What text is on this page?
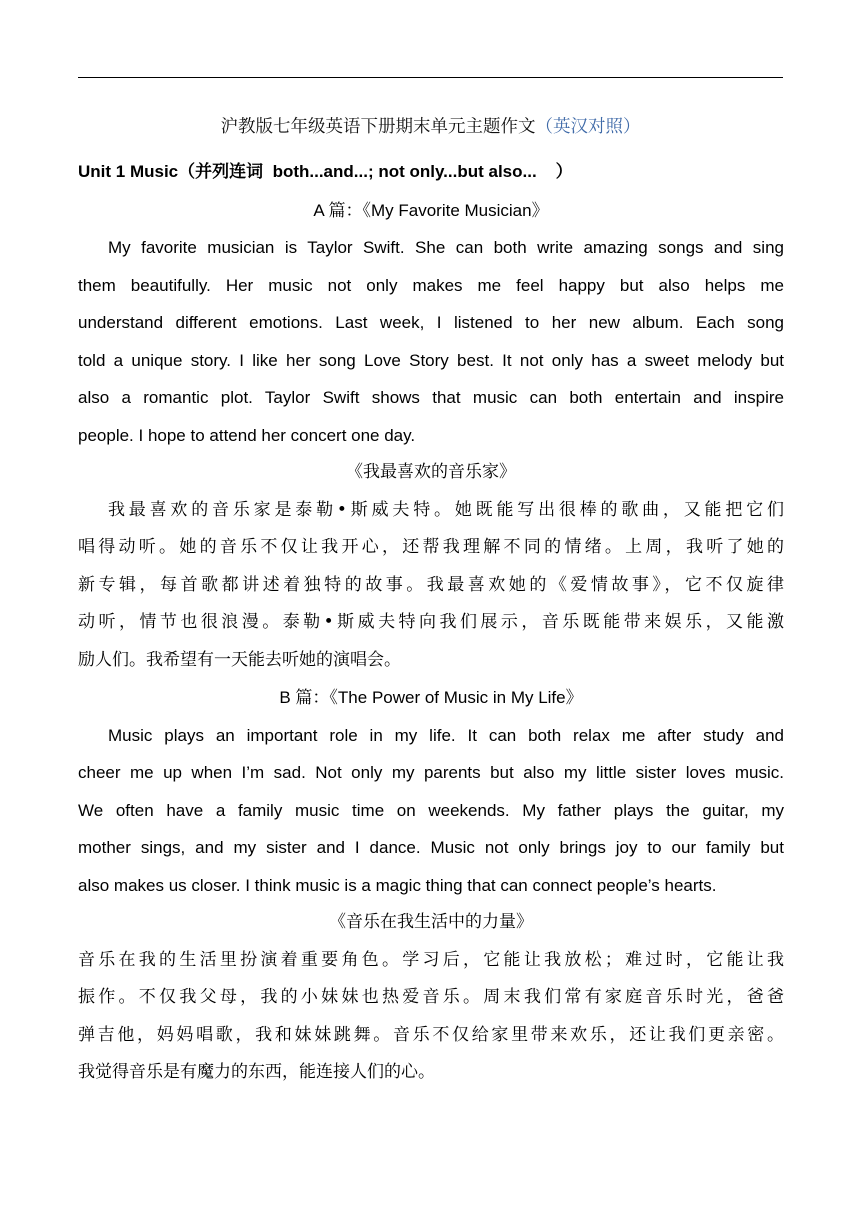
沪教版七年级英语下册期末单元主题作文（英汉对照）
Unit 1 Music（并列连词  both...and...; not only...but also...    ）
A 篇：《My Favorite Musician》
My favorite musician is Taylor Swift. She can both write amazing songs and sing
them beautifully. Her music not only makes me feel happy but also helps me
understand different emotions. Last week, I listened to her new album. Each song
told a unique story. I like her song Love Story best. It not only has a sweet melody but
also a romantic plot. Taylor Swift shows that music can both entertain and inspire
people. I hope to attend her concert one day.
《我最喜欢的音乐家》
我最喜欢的音乐家是泰勒•斯威夫特。她既能写出很棒的歌曲，又能把它们
唱得动听。她的音乐不仅让我开心，还帮我理解不同的情绪。上周，我听了她的
新专辑，每首歌都讲述着独特的故事。我最喜欢她的《爱情故事》，它不仅旋律
动听，情节也很浪漫。泰勒•斯威夫特向我们展示，音乐既能带来娱乐，又能激
励人们。我希望有一天能去听她的演唱会。
B 篇：《The Power of Music in My Life》
Music plays an important role in my life. It can both relax me after study and
cheer me up when I’m sad. Not only my parents but also my little sister loves music.
We often have a family music time on weekends. My father plays the guitar, my
mother sings, and my sister and I dance. Music not only brings joy to our family but
also makes us closer. I think music is a magic thing that can connect people’s hearts.
《音乐在我生活中的力量》
音乐在我的生活里扮演着重要角色。学习后，它能让我放松；难过时，它能让我
振作。不仅我父母，我的小妹妹也热爱音乐。周末我们常有家庭音乐时光，爸爸
弹吉他，妈妈唱歌，我和妹妹跳舞。音乐不仅给家里带来欢乐，还让我们更亲密。
我觉得音乐是有魔力的东西，能连接人们的心。
